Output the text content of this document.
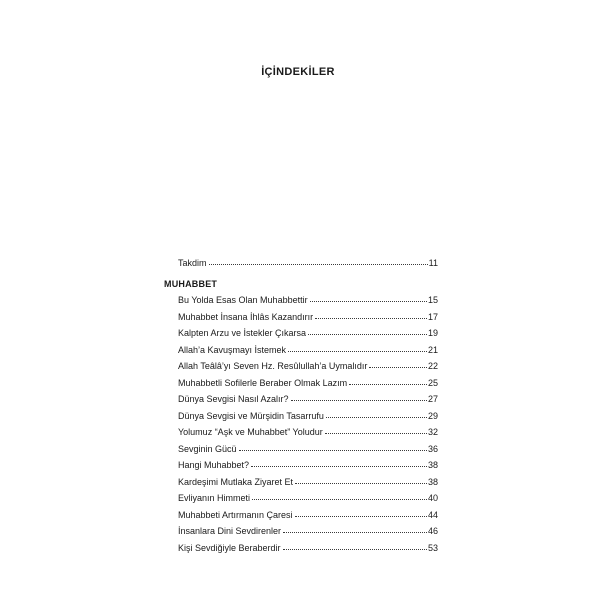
İÇİNDEKİLER
Takdim	11
MUHABBET
Bu Yolda Esas Olan Muhabbettir	15
Muhabbet İnsana İhlâs Kazandırır	17
Kalpten Arzu ve İstekler Çıkarsa	19
Allah’a Kavuşmayı İstemek	21
Allah Teâlâ’yı Seven Hz. Resûlullah’a Uymalıdır	22
Muhabbetli Sofilerle Beraber Olmak Lazım	25
Dünya Sevgisi Nasıl Azalır?	27
Dünya Sevgisi ve Mürşidin Tasarrufu	29
Yolumuz “Aşk ve Muhabbet” Yoludur	32
Sevginin Gücü	36
Hangi Muhabbet?	38
Kardeşimi Mutlaka Ziyaret Et	38
Evliyanın Himmeti	40
Muhabbeti Artırmanın Çaresi	44
İnsanlara Dini Sevdirenler	46
Kişi Sevdiğiyle Beraberdir	53
